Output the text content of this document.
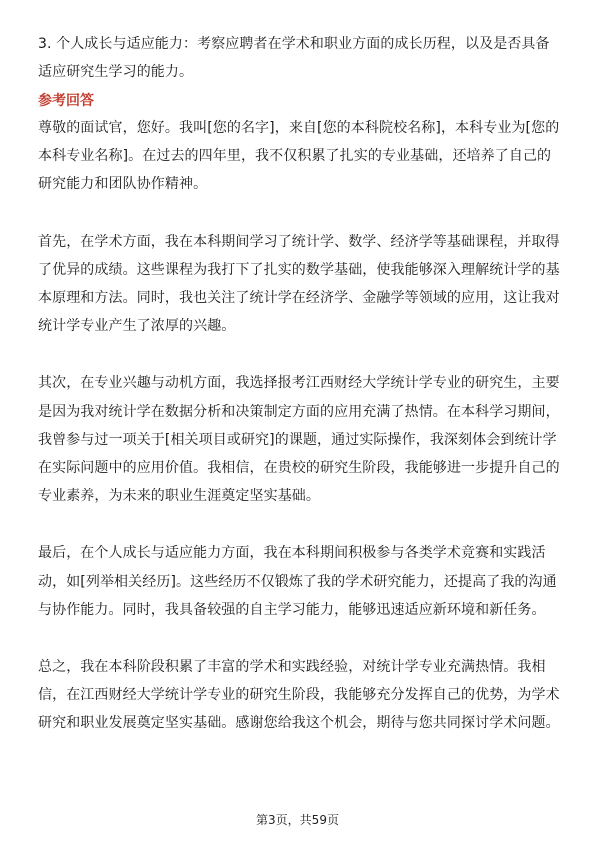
3. 个人成长与适应能力：考察应聘者在学术和职业方面的成长历程，以及是否具备适应研究生学习的能力。

参考回答

尊敬的面试官，您好。我叫[您的名字]，来自[您的本科院校名称]，本科专业为[您的本科专业名称]。在过去的四年里，我不仅积累了扎实的专业基础，还培养了自己的研究能力和团队协作精神。

首先，在学术方面，我在本科期间学习了统计学、数学、经济学等基础课程，并取得了优异的成绩。这些课程为我打下了扎实的数学基础，使我能够深入理解统计学的基本原理和方法。同时，我也关注了统计学在经济学、金融学等领域的应用，这让我对统计学专业产生了浓厚的兴趣。

其次，在专业兴趣与动机方面，我选择报考江西财经大学统计学专业的研究生，主要是因为我对统计学在数据分析和决策制定方面的应用充满了热情。在本科学习期间，我曾参与过一项关于[相关项目或研究]的课题，通过实际操作，我深刻体会到统计学在实际问题中的应用价值。我相信，在贵校的研究生阶段，我能够进一步提升自己的专业素养，为未来的职业生涯奠定坚实基础。

最后，在个人成长与适应能力方面，我在本科期间积极参与各类学术竞赛和实践活动，如[列举相关经历]。这些经历不仅锻炼了我的学术研究能力，还提高了我的沟通与协作能力。同时，我具备较强的自主学习能力，能够迅速适应新环境和新任务。

总之，我在本科阶段积累了丰富的学术和实践经验，对统计学专业充满热情。我相信，在江西财经大学统计学专业的研究生阶段，我能够充分发挥自己的优势，为学术研究和职业发展奠定坚实基础。感谢您给我这个机会，期待与您共同探讨学术问题。

第3页，共59页
